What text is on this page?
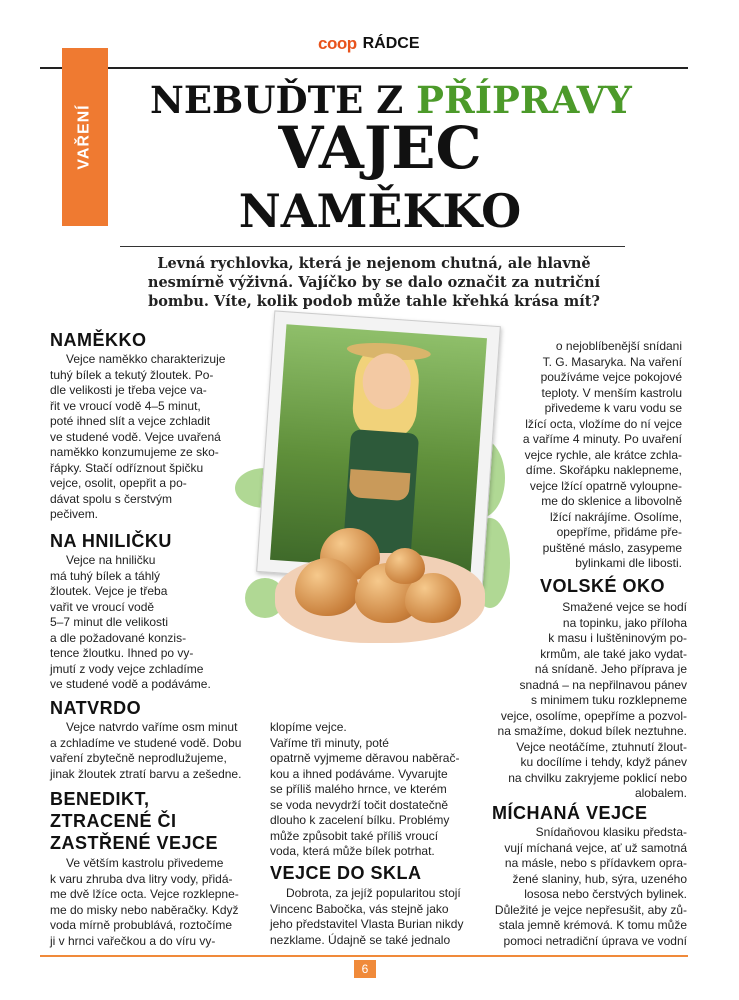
coop RÁDCE
VAŘENÍ
NEBUĎTE Z PŘÍPRAVY
VAJEC
NAMĚKKO
Levná rychlovka, která je nejenom chutná, ale hlavně nesmírně výživná. Vajíčko by se dalo označit za nutriční bombu. Víte, kolik podob může tahle křehká krása mít?
NAMĚKKO
Vejce naměkko charakterizuje
tuhý bílek a tekutý žloutek. Po-
dle velikosti je třeba vejce va-
řit ve vroucí vodě 4–5 minut,
poté ihned slít a vejce zchladit
ve studené vodě. Vejce uvařená
naměkko konzumujeme ze sko-
řápky. Stačí odříznout špičku
vejce, osolit, opepřit a po-
dávat spolu s čerstvým
pečivem.
NA HNILIČKU
Vejce na hniličku
má tuhý bílek a táhlý
žloutek. Vejce je třeba
vařit ve vroucí vodě
5–7 minut dle velikosti
a dle požadované konzis-
tence žloutku. Ihned po vy-
jmutí z vody vejce zchladíme
ve studené vodě a podáváme.
NATVRDO
Vejce natvrdo vaříme osm minut
a zchladíme ve studené vodě. Dobu
vaření zbytečně neprodlužujeme,
jinak žloutek ztratí barvu a zešedne.
BENEDIKT,
ZTRACENÉ ČI
ZASTŘENÉ VEJCE
Ve větším kastrolu přivedeme
k varu zhruba dva litry vody, přidá-
me dvě lžíce octa. Vejce rozklepne-
me do misky nebo naběračky. Když
voda mírně probublává, roztočíme
ji v hrnci vařečkou a do víru vy-
klopíme vejce.
Vaříme tři minuty, poté
opatrně vyjmeme děravou naběrač-
kou a ihned podáváme. Vyvarujte
se příliš malého hrnce, ve kterém
se voda nevydrží točit dostatečně
dlouho k zacelení bílku. Problémy
může způsobit také příliš vroucí
voda, která může bílek potrhat.
VEJCE DO SKLA
Dobrota, za jejíž popularitou stojí
Vincenc Babočka, vás stejně jako
jeho představitel Vlasta Burian nikdy
nezklame. Údajně se také jednalo
o nejoblíbenější snídani
T. G. Masaryka. Na vaření
používáme vejce pokojové
teploty. V menším kastrolu
přivedeme k varu vodu se
lžící octa, vložíme do ní vejce
a vaříme 4 minuty. Po uvaření
vejce rychle, ale krátce zchla-
díme. Skořápku naklepneme,
vejce lžící opatrně vyloupne-
me do sklenice a libovolně
lžící nakrájíme. Osolíme,
opepříme, přidáme pře-
puštěné máslo, zasypeme
bylinkami dle libosti.
VOLSKÉ OKO
Smažené vejce se hodí
na topinku, jako příloha
k masu i luštěninovým po-
krmům, ale také jako vydat-
ná snídaně. Jeho příprava je
snadná – na nepřilnavou pánev
s minimem tuku rozklepneme
vejce, osolíme, opepříme a pozvol-
na smažíme, dokud bílek neztuhne.
Vejce neotáčíme, ztuhnutí žlout-
ku docílíme i tehdy, když pánev
na chvilku zakryjeme poklicí nebo
alobalem.
MÍCHANÁ VEJCE
Snídaňovou klasiku předsta-
vují míchaná vejce, ať už samotná
na másle, nebo s přídavkem opra-
žené slaniny, hub, sýra, uzeného
lososa nebo čerstvých bylinek.
Důležité je vejce nepřesušit, aby zů-
stala jemně krémová. K tomu může
pomoci netradiční úprava ve vodní
6
